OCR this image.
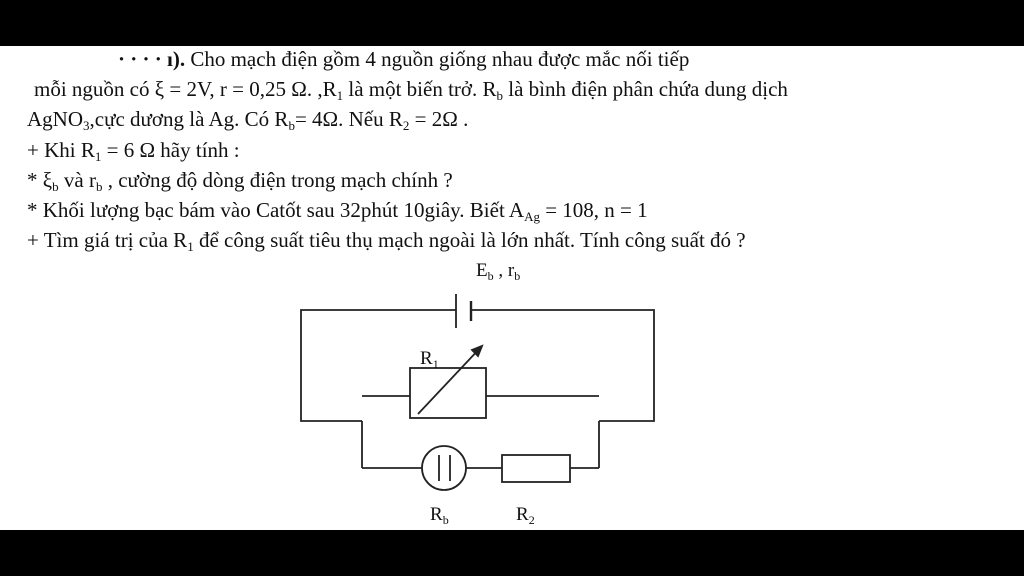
· · · · ı). Cho mạch điện gồm 4 nguồn giống nhau được mắc nối tiếp
mỗi nguồn có ξ = 2V, r = 0,25 Ω. $,R_1$ là một biến trở. $R_b$ là bình điện phân chứa dung dịch
AgNO$_3$,cực dương là Ag. Có $R_b= 4\Omega$. Nếu $R_2 = 2\Omega$ .
+ Khi $R_1 = 6$ Ω hãy tính :
* $\xi_b$ và $r_b$ , cường độ dòng điện trong mạch chính ?
* Khối lượng bạc bám vào Catốt sau 32phút 10giây. Biết $A_{Ag} = 108$, n = 1
+ Tìm giá trị của $R_1$ để công suất tiêu thụ mạch ngoài là lớn nhất. Tính công suất đó ?
$E_b$ , $r_b$
$R_1$
$R_b$	$R_2$
